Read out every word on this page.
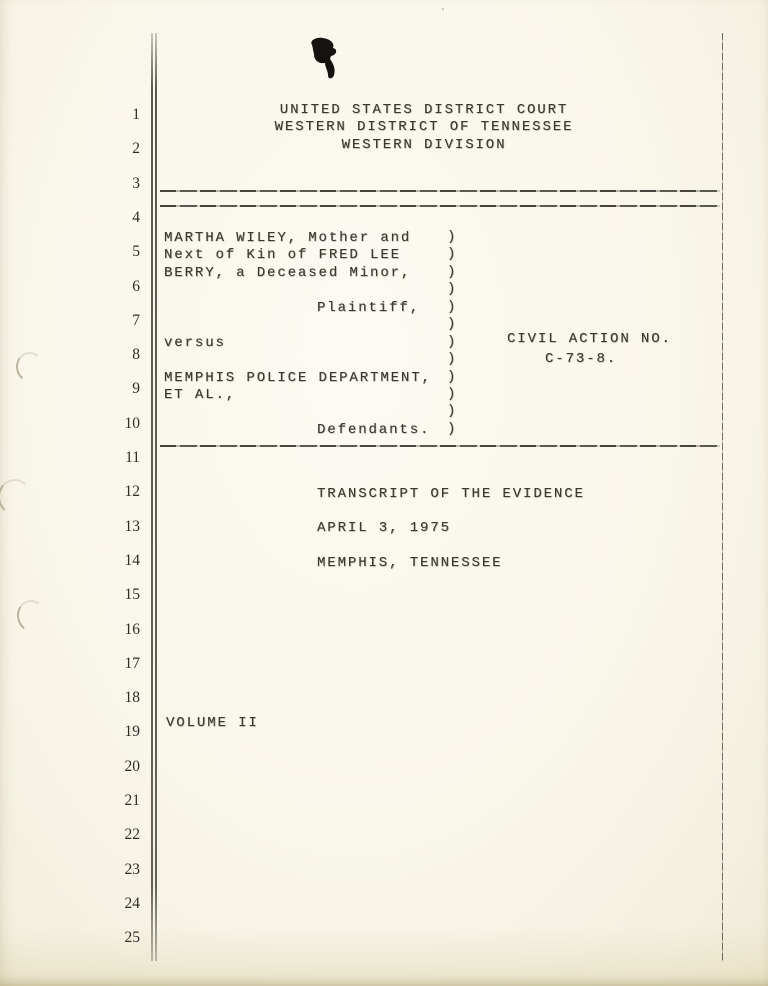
1
2
3
4
5
6
7
8
9
10
11
12
13
14
15
16
17
18
19
20
21
22
23
24
25
’
UNITED STATES DISTRICT COURT
WESTERN DISTRICT OF TENNESSEE
WESTERN DIVISION
MARTHA WILEY, Mother and	)
Next of Kin of FRED LEE	)
BERRY, a Deceased Minor,	)
)
Plaintiff, )
)
versus	)
)
MEMPHIS POLICE DEPARTMENT, )
ET AL.,	)
)
Defendants. )
CIVIL ACTION NO.
C-73-8.
TRANSCRIPT OF THE EVIDENCE
APRIL 3, 1975
MEMPHIS, TENNESSEE
VOLUME II
